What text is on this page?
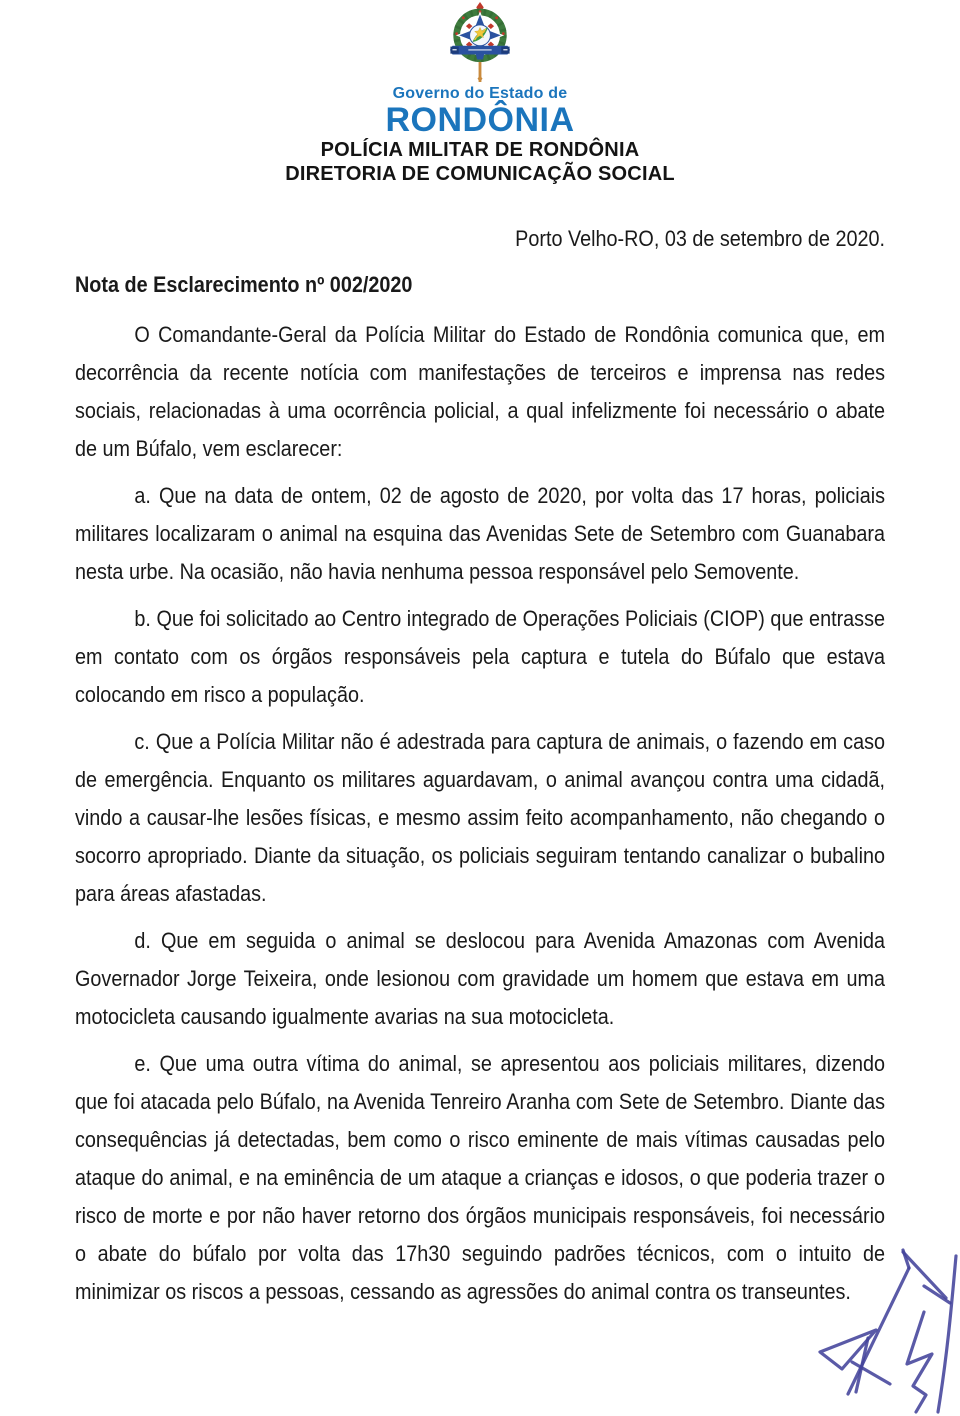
Governo do Estado de
RONDÔNIA
POLÍCIA MILITAR DE RONDÔNIA
DIRETORIA DE COMUNICAÇÃO SOCIAL
Porto Velho-RO, 03 de setembro de 2020.
Nota de Esclarecimento nº 002/2020

O Comandante-Geral da Polícia Militar do Estado de Rondônia comunica que, em decorrência da recente notícia com manifestações de terceiros e imprensa nas redes sociais, relacionadas à uma ocorrência policial, a qual infelizmente foi necessário o abate de um Búfalo, vem esclarecer:

a. Que na data de ontem, 02 de agosto de 2020, por volta das 17 horas, policiais militares localizaram o animal na esquina das Avenidas Sete de Setembro com Guanabara nesta urbe. Na ocasião, não havia nenhuma pessoa responsável pelo Semovente.

b. Que foi solicitado ao Centro integrado de Operações Policiais (CIOP) que entrasse em contato com os órgãos responsáveis pela captura e tutela do Búfalo que estava colocando em risco a população.

c. Que a Polícia Militar não é adestrada para captura de animais, o fazendo em caso de emergência. Enquanto os militares aguardavam, o animal avançou contra uma cidadã, vindo a causar-lhe lesões físicas, e mesmo assim feito acompanhamento, não chegando o socorro apropriado. Diante da situação, os policiais seguiram tentando canalizar o bubalino para áreas afastadas.

d. Que em seguida o animal se deslocou para Avenida Amazonas com Avenida Governador Jorge Teixeira, onde lesionou com gravidade um homem que estava em uma motocicleta causando igualmente avarias na sua motocicleta.

e. Que uma outra vítima do animal, se apresentou aos policiais militares, dizendo que foi atacada pelo Búfalo, na Avenida Tenreiro Aranha com Sete de Setembro. Diante das consequências já detectadas, bem como o risco eminente de mais vítimas causadas pelo ataque do animal, e na eminência de um ataque a crianças e idosos, o que poderia trazer o risco de morte e por não haver retorno dos órgãos municipais responsáveis, foi necessário o abate do búfalo por volta das 17h30 seguindo padrões técnicos, com o intuito de minimizar os riscos a pessoas, cessando as agressões do animal contra os transeuntes.
